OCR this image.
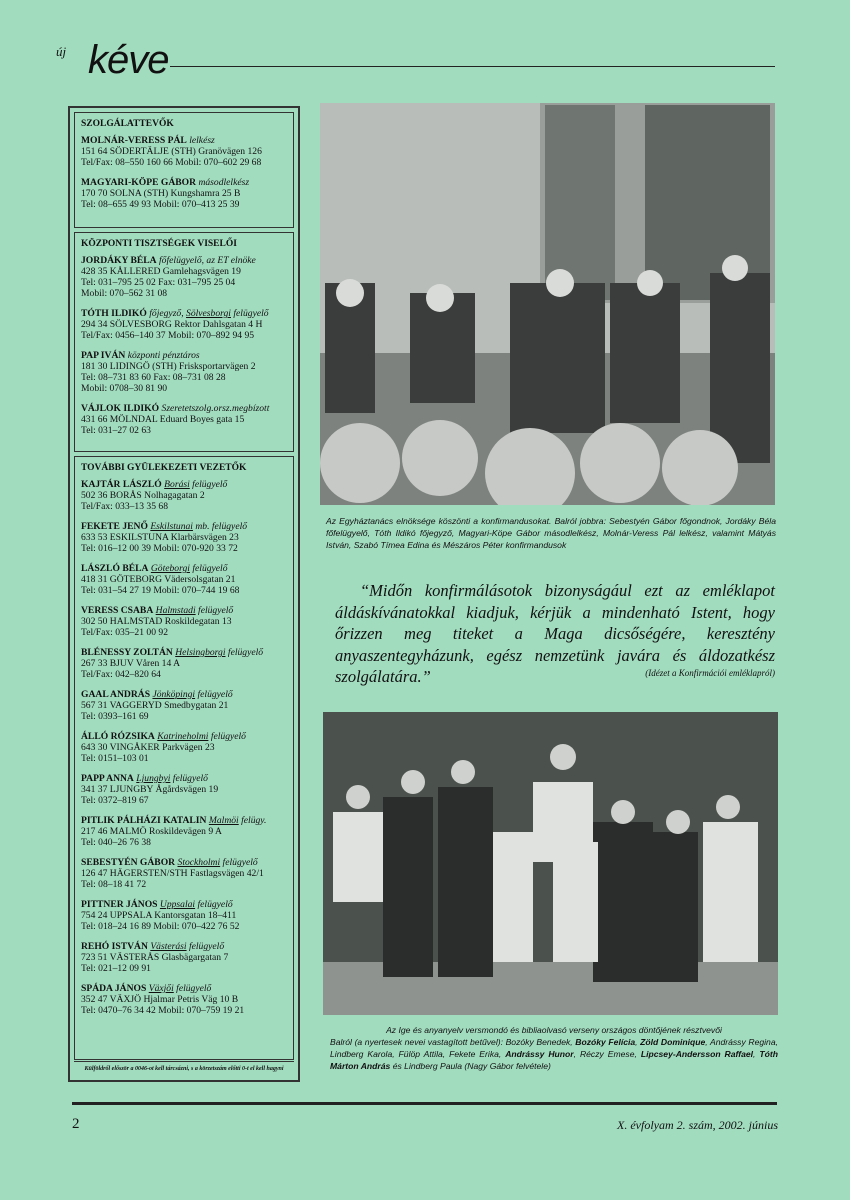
új kéve
SZOLGÁLATTEVŐK
MOLNÁR-VERESS PÁL lelkész
151 64 SÖDERTÄLJE (STH) Granövägen 126
Tel/Fax: 08–550 160 66 Mobil: 070–602 29 68
MAGYARI-KÖPE GÁBOR másodlelkész
170 70 SOLNA (STH) Kungshamra 25 B
Tel: 08–655 49 93 Mobil: 070–413 25 39
KÖZPONTI TISZTSÉGEK VISELŐI
JORDÁKY BÉLA főfelügyelő, az ET elnöke
428 35 KÅLLERED Gamlehagsvägen 19
Tel: 031–795 25 02 Fax: 031–795 25 04
Mobil: 070–562 31 08
TÓTH ILDIKÓ főjegyző, Sölvesborgi felügyelő
294 34 SÖLVESBORG Rektor Dahlsgatan 4 H
Tel/Fax: 0456–140 37 Mobil: 070–892 94 95
PAP IVÁN központi pénztáros
181 30 LIDINGÖ (STH) Frisksportarvägen 2
Tel: 08–731 83 60 Fax: 08–731 08 28
Mobil: 0708–30 81 90
VÁJLOK ILDIKÓ Szeretetszolg.orsz.megbízott
431 66 MÖLNDAL Eduard Boyes gata 15
Tel: 031–27 02 63
TOVÁBBI GYÜLEKEZETI VEZETŐK
KAJTÁR LÁSZLÓ Borási felügyelő
502 36 BORÅS Nolhagagatan 2
Tel/Fax: 033–13 35 68
FEKETE JENŐ Eskilstunai mb. felügyelő
633 53 ESKILSTUNA Klarbärsvägen 23
Tel: 016–12 00 39 Mobil: 070-920 33 72
LÁSZLÓ BÉLA Göteborgi felügyelő
418 31 GÖTEBORG Vädersolsgatan 21
Tel: 031–54 27 19 Mobil: 070–744 19 68
VERESS CSABA Halmstadi felügyelő
302 50 HALMSTAD Roskildegatan 13
Tel/Fax: 035–21 00 92
BLÉNESSY ZOLTÁN Helsingborgi felügyelő
267 33 BJUV Våren 14 A
Tel/Fax: 042–820 64
GAAL ANDRÁS Jönköpingi felügyelő
567 31 VAGGERYD Smedbygatan 21
Tel: 0393–161 69
ÁLLÓ RÓZSIKA Katrineholmi felügyelő
643 30 VINGÅKER Parkvägen 23
Tel: 0151–103 01
PAPP ANNA Ljungbyi felügyelő
341 37 LJUNGBY Ågårdsvägen 19
Tel: 0372–819 67
PITLIK PÁLHÁZI KATALIN Malmöi felügy.
217 46 MALMÖ Roskildevägen 9 A
Tel: 040–26 76 38
SEBESTYÉN GÁBOR Stockholmi felügyelő
126 47 HÄGERSTEN/STH Fastlagsvägen 42/1
Tel: 08–18 41 72
PITTNER JÁNOS Uppsalai felügyelő
754 24 UPPSALA Kantorsgatan 18–411
Tel: 018–24 16 89 Mobil: 070–422 76 52
REHÓ ISTVÁN Västerási felügyelő
723 51 VÄSTERÅS Glasbägargatan 7
Tel: 021–12 09 91
SPÁDA JÁNOS Växjői felügyelő
352 47 VÄXJÖ Hjalmar Petris Väg 10 B
Tel: 0470–76 34 42 Mobil: 070–759 19 21
Külföldről először a 0046-ot kell tárcsázni, s a körzetszám előtti 0-t el kell hagyni
Az Egyháztanács elnöksége köszönti a konfirmandusokat. Balról jobbra: Sebestyén Gábor főgondnok, Jordáky Béla főfelügyelő, Tóth Ildikó főjegyző, Magyari-Köpe Gábor másodlelkész, Molnár-Veress Pál lelkész, valamint Mátyás István, Szabó Tímea Edina és Mészáros Péter konfirmandusok
“Midőn konfirmálásotok bizonyságául ezt az emléklapot áldáskívánatokkal kiadjuk, kérjük a mindenható Istent, hogy őrizzen meg titeket a Maga dicsőségére, keresztény anyaszentegyházunk, egész nemzetünk javára és áldozatkész szolgálatára.”	(Idézet a Konfirmációi emléklapról)
Az Ige és anyanyelv versmondó és bibliaolvasó verseny országos döntőjének résztvevői
Balról (a nyertesek nevei vastagított betűvel): Bozóky Benedek, Bozóky Felícia, Zöld Dominique, Andrássy Regina, Lindberg Karola, Fülöp Attila, Fekete Erika, Andrássy Hunor, Réczy Emese, Lipcsey-Andersson Raffael, Tóth Márton András és Lindberg Paula (Nagy Gábor felvétele)
2	X. évfolyam 2. szám, 2002. június
